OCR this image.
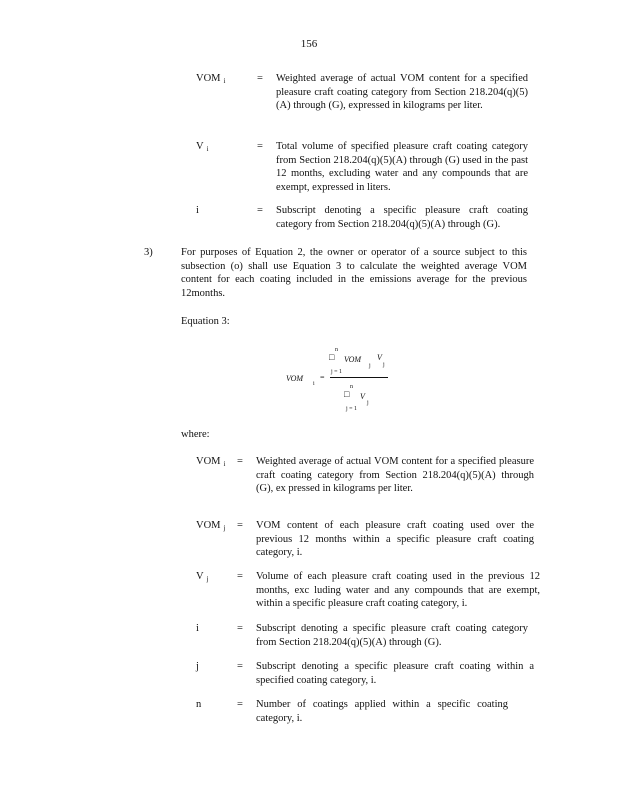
156
VOM $_i$	= Weighted average of actual VOM content for a specified pleasure craft coating category from Section 218.204(q)(5)(A) through (G), expressed in kilograms per liter.
V $_i$	= Total volume of specified pleasure craft coating category from Section 218.204(q)(5)(A) through (G) used in the past 12 months, excluding water and any compounds that are exempt, expressed in liters.
i	= Subscript denoting a specific pleasure craft coating category from Section 218.204(q)(5)(A) through (G).
3)	For purposes of Equation 2, the owner or operator of a source subject to this subsection (o) shall use Equation 3 to calculate the weighted average VOM content for each coating included in the emissions average for the previous 12months.
Equation 3:
VOM
i
=
n
□
j = 1
VOM
j
V
j
n
□
j = 1
V
j
where:
VOM $_i$	= Weighted average of actual VOM content for a specified pleasure craft coating category from Section 218.204(q)(5)(A) through (G), ex pressed in kilograms per liter.
VOM $_j$	= VOM content of each pleasure craft coating used over the previous 12 months within a specific pleasure craft coating category, i.
V $_j$	= Volume of each pleasure craft coating used in the previous 12 months, exc luding water and any compounds that are exempt, within a specific pleasure craft coating category, i.
i	= Subscript denoting a specific pleasure craft coating category from Section 218.204(q)(5)(A) through (G).
j	= Subscript denoting a specific pleasure craft coating within a specified coating category, i.
n	= Number of coatings applied within a specific coating category, i.
